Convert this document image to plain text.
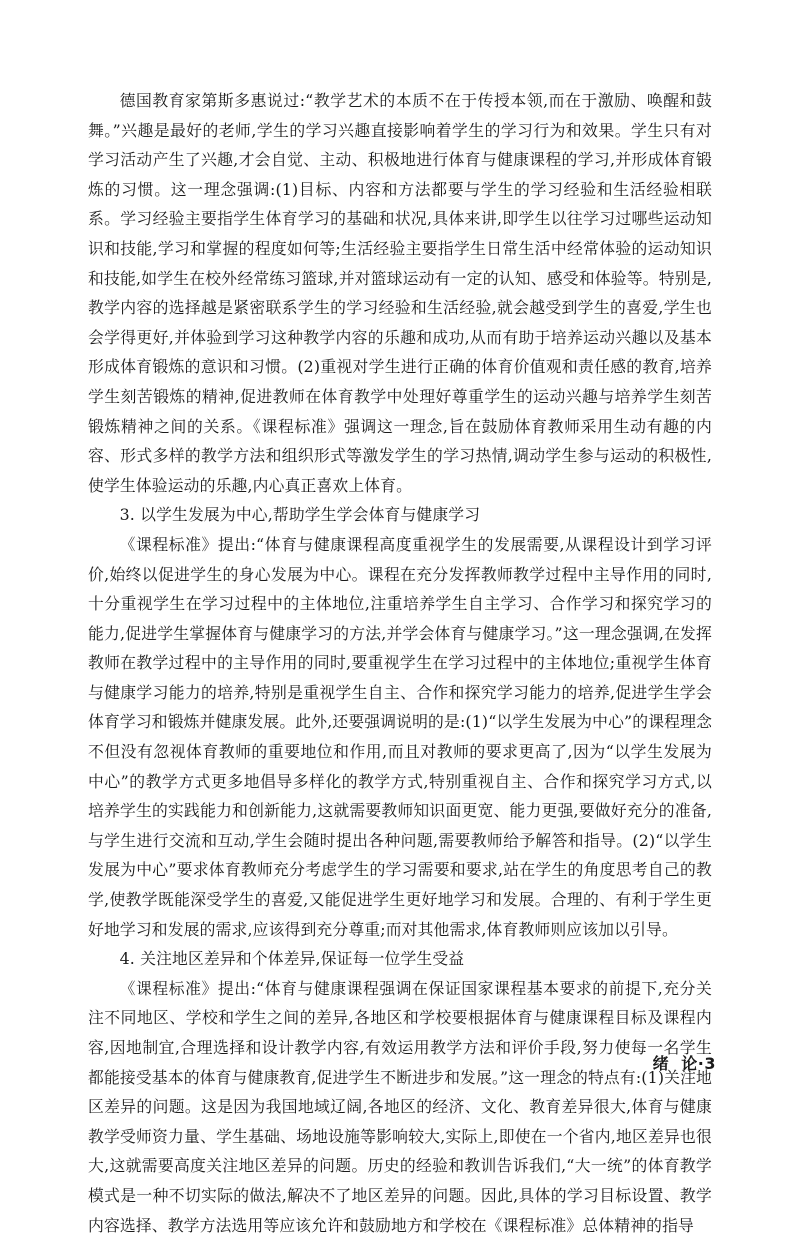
德国教育家第斯多惠说过:“教学艺术的本质不在于传授本领,而在于激励、唤醒和鼓舞。”兴趣是最好的老师,学生的学习兴趣直接影响着学生的学习行为和效果。学生只有对学习活动产生了兴趣,才会自觉、主动、积极地进行体育与健康课程的学习,并形成体育锻炼的习惯。这一理念强调:(1)目标、内容和方法都要与学生的学习经验和生活经验相联系。学习经验主要指学生体育学习的基础和状况,具体来讲,即学生以往学习过哪些运动知识和技能,学习和掌握的程度如何等;生活经验主要指学生日常生活中经常体验的运动知识和技能,如学生在校外经常练习篮球,并对篮球运动有一定的认知、感受和体验等。特别是,教学内容的选择越是紧密联系学生的学习经验和生活经验,就会越受到学生的喜爱,学生也会学得更好,并体验到学习这种教学内容的乐趣和成功,从而有助于培养运动兴趣以及基本形成体育锻炼的意识和习惯。(2)重视对学生进行正确的体育价值观和责任感的教育,培养学生刻苦锻炼的精神,促进教师在体育教学中处理好尊重学生的运动兴趣与培养学生刻苦锻炼精神之间的关系。《课程标准》强调这一理念,旨在鼓励体育教师采用生动有趣的内容、形式多样的教学方法和组织形式等激发学生的学习热情,调动学生参与运动的积极性,使学生体验运动的乐趣,内心真正喜欢上体育。

3. 以学生发展为中心,帮助学生学会体育与健康学习

《课程标准》提出:“体育与健康课程高度重视学生的发展需要,从课程设计到学习评价,始终以促进学生的身心发展为中心。课程在充分发挥教师教学过程中主导作用的同时,十分重视学生在学习过程中的主体地位,注重培养学生自主学习、合作学习和探究学习的能力,促进学生掌握体育与健康学习的方法,并学会体育与健康学习。”这一理念强调,在发挥教师在教学过程中的主导作用的同时,要重视学生在学习过程中的主体地位;重视学生体育与健康学习能力的培养,特别是重视学生自主、合作和探究学习能力的培养,促进学生学会体育学习和锻炼并健康发展。此外,还要强调说明的是:(1)“以学生发展为中心”的课程理念不但没有忽视体育教师的重要地位和作用,而且对教师的要求更高了,因为“以学生发展为中心”的教学方式更多地倡导多样化的教学方式,特别重视自主、合作和探究学习方式,以培养学生的实践能力和创新能力,这就需要教师知识面更宽、能力更强,要做好充分的准备,与学生进行交流和互动,学生会随时提出各种问题,需要教师给予解答和指导。(2)“以学生发展为中心”要求体育教师充分考虑学生的学习需要和要求,站在学生的角度思考自己的教学,使教学既能深受学生的喜爱,又能促进学生更好地学习和发展。合理的、有利于学生更好地学习和发展的需求,应该得到充分尊重;而对其他需求,体育教师则应该加以引导。

4. 关注地区差异和个体差异,保证每一位学生受益

《课程标准》提出:“体育与健康课程强调在保证国家课程基本要求的前提下,充分关注不同地区、学校和学生之间的差异,各地区和学校要根据体育与健康课程目标及课程内容,因地制宜,合理选择和设计教学内容,有效运用教学方法和评价手段,努力使每一名学生都能接受基本的体育与健康教育,促进学生不断进步和发展。”这一理念的特点有:(1)关注地区差异的问题。这是因为我国地域辽阔,各地区的经济、文化、教育差异很大,体育与健康教学受师资力量、学生基础、场地设施等影响较大,实际上,即使在一个省内,地区差异也很大,这就需要高度关注地区差异的问题。历史的经验和教训告诉我们,“大一统”的体育教学模式是一种不切实际的做法,解决不了地区差异的问题。因此,具体的学习目标设置、教学内容选择、教学方法选用等应该允许和鼓励地方和学校在《课程标准》总体精神的指导

绪  论·3
